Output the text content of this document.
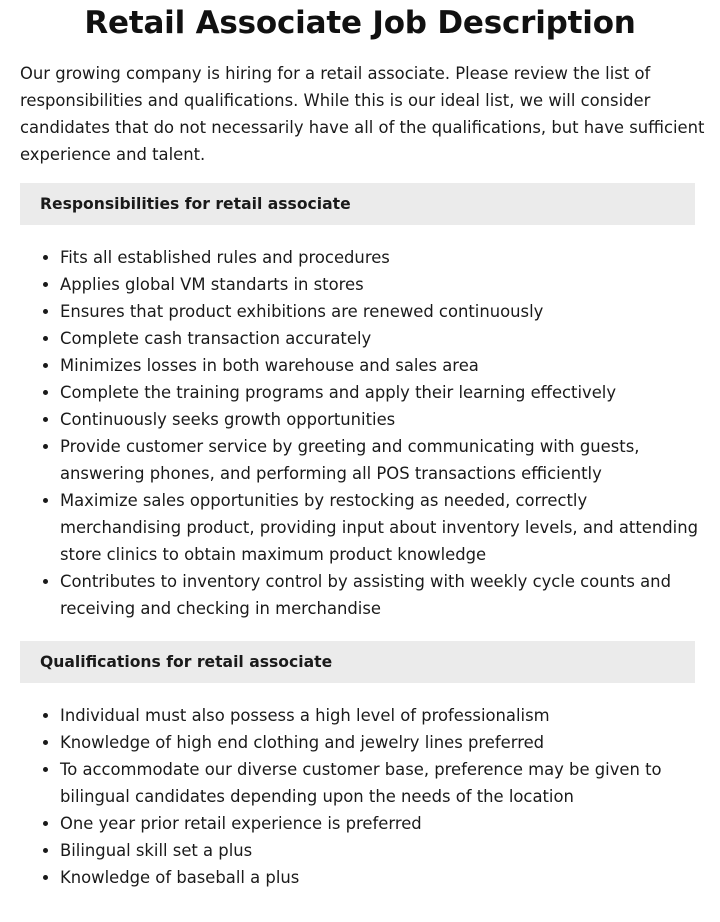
Retail Associate Job Description

Our growing company is hiring for a retail associate. Please review the list of responsibilities and qualifications. While this is our ideal list, we will consider candidates that do not necessarily have all of the qualifications, but have sufficient experience and talent.

Responsibilities for retail associate
Fits all established rules and procedures
Applies global VM standarts in stores
Ensures that product exhibitions are renewed continuously
Complete cash transaction accurately
Minimizes losses in both warehouse and sales area
Complete the training programs and apply their learning effectively
Continuously seeks growth opportunities
Provide customer service by greeting and communicating with guests, answering phones, and performing all POS transactions efficiently
Maximize sales opportunities by restocking as needed, correctly merchandising product, providing input about inventory levels, and attending store clinics to obtain maximum product knowledge
Contributes to inventory control by assisting with weekly cycle counts and receiving and checking in merchandise
Qualifications for retail associate
Individual must also possess a high level of professionalism
Knowledge of high end clothing and jewelry lines preferred
To accommodate our diverse customer base, preference may be given to bilingual candidates depending upon the needs of the location
One year prior retail experience is preferred
Bilingual skill set a plus
Knowledge of baseball a plus
